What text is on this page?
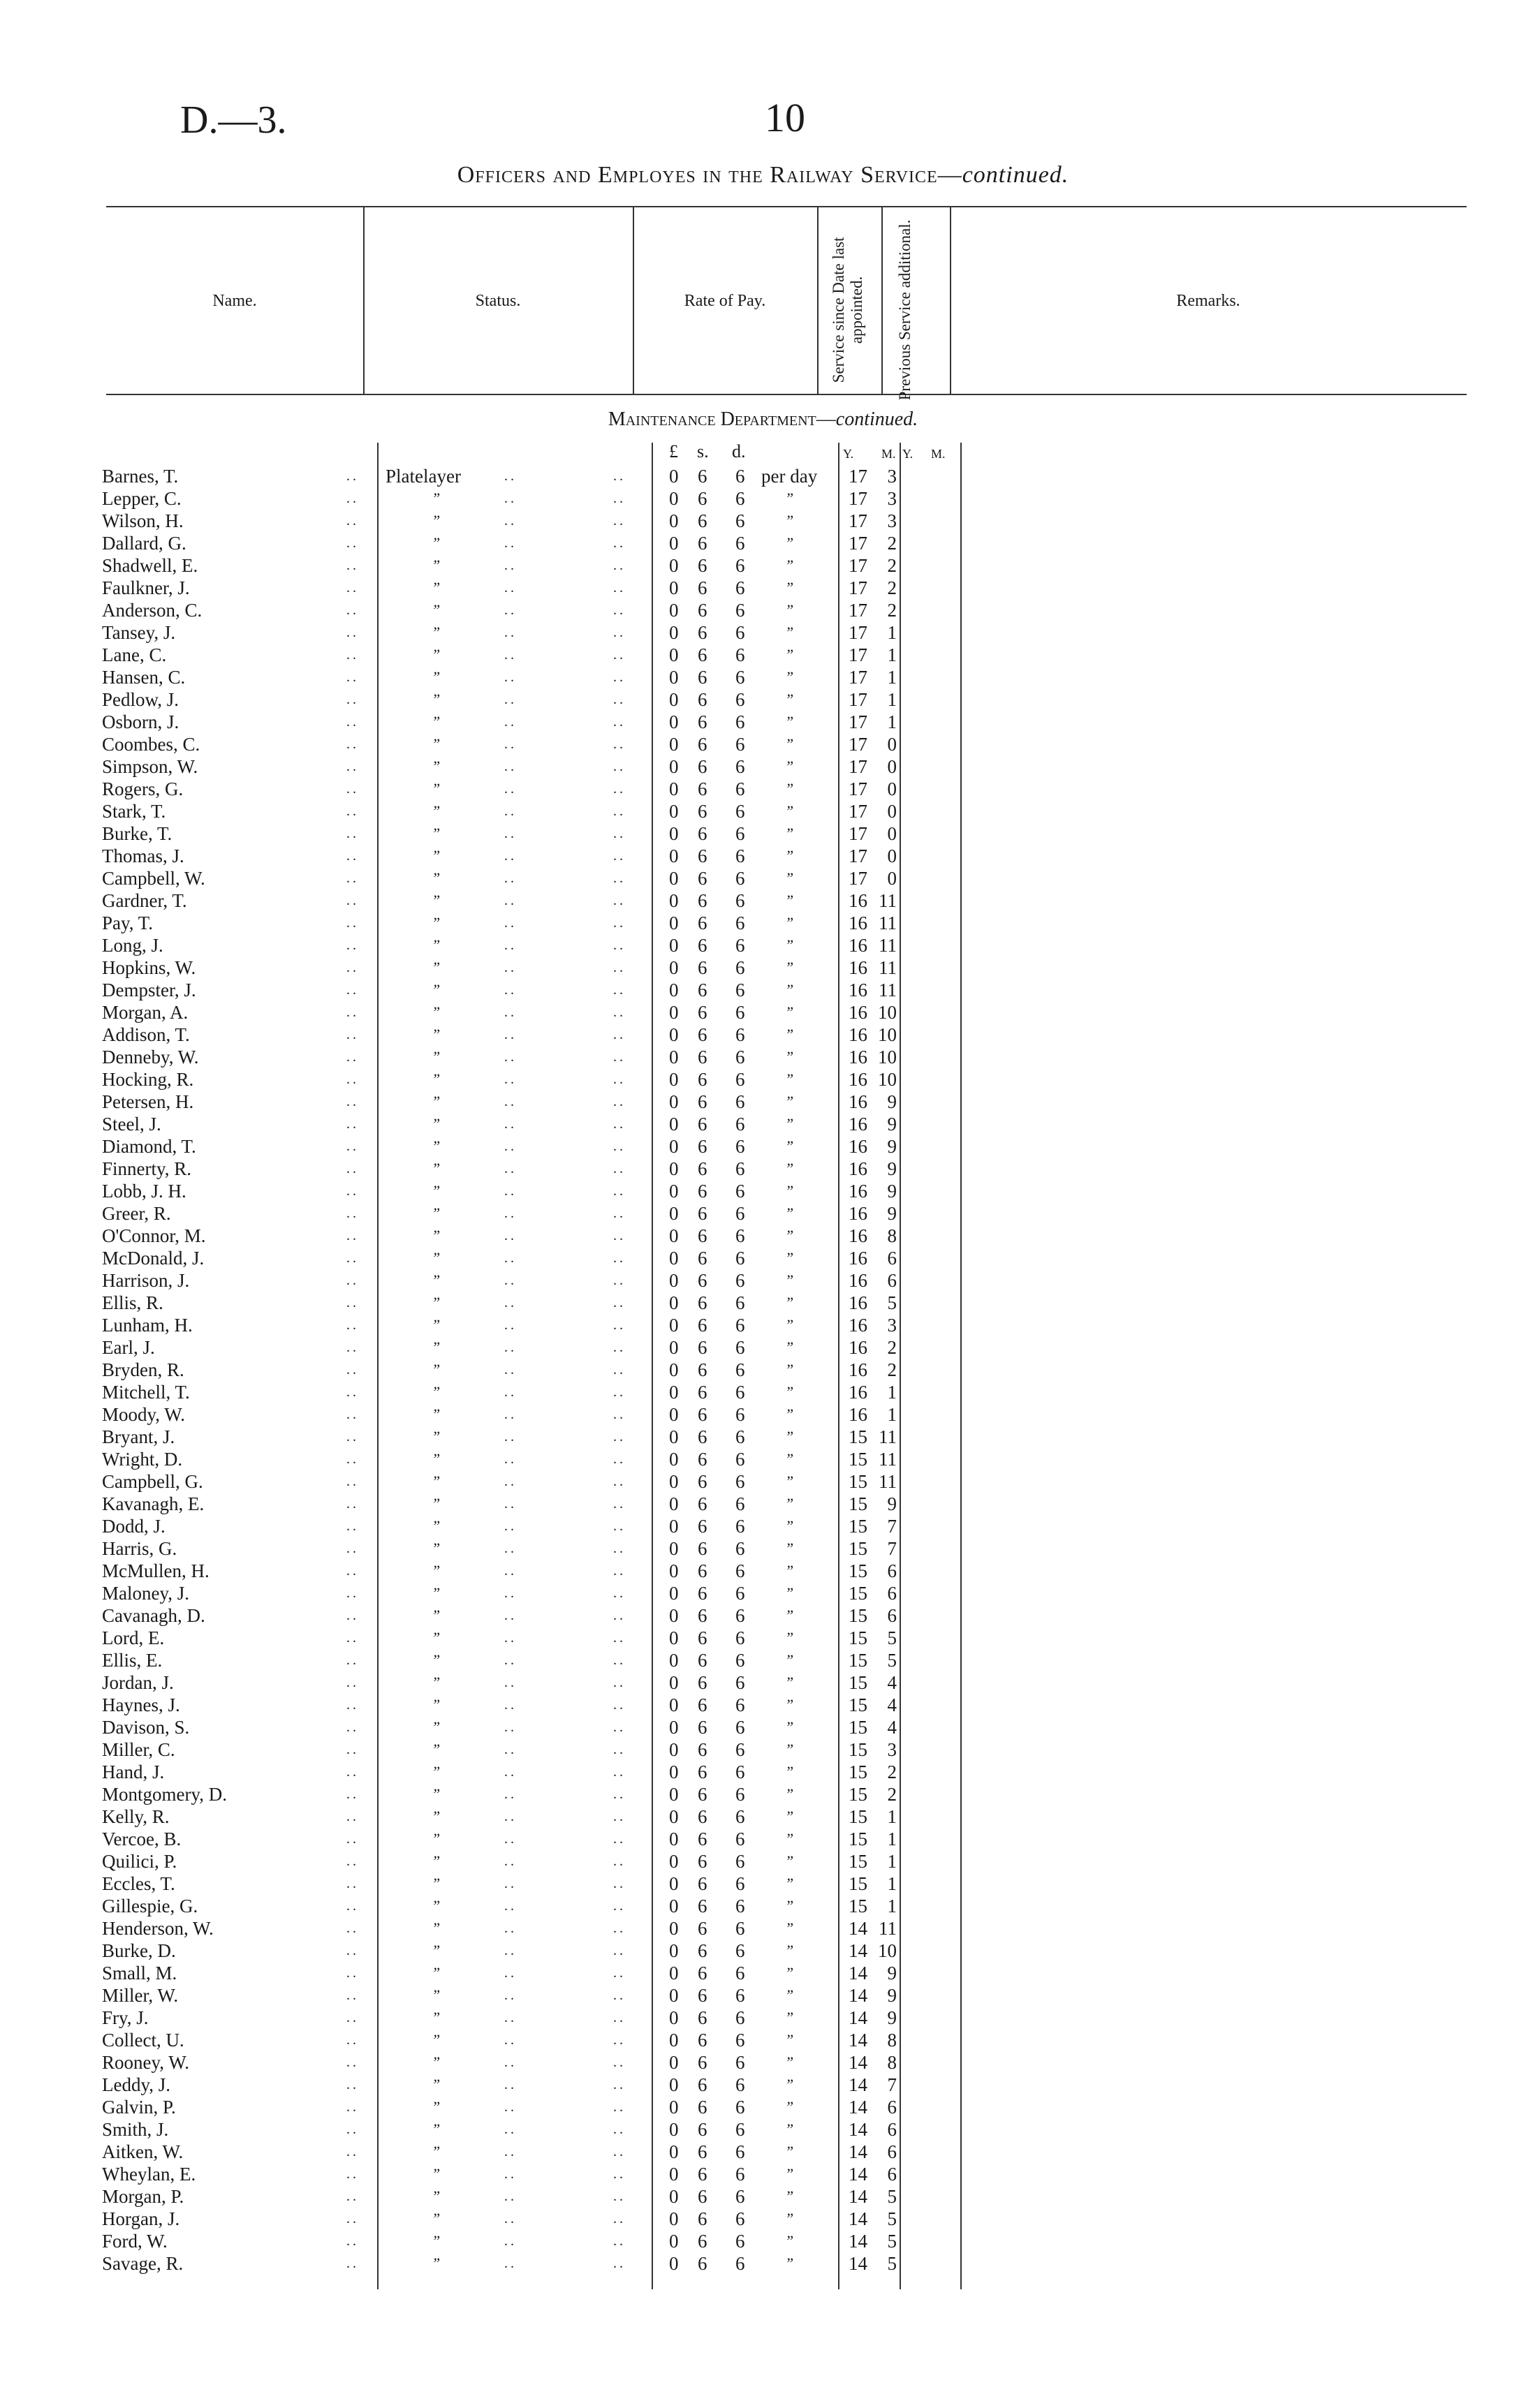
D.—3.	10
Officers and Employes in the Railway Service—continued.
Name.	Status.	Rate of Pay.	Service since Date last appointed. Previous Service additional.	Remarks.
Maintenance Department—continued.
£ s. d.	Y. M. Y. M.
Barnes, T.	.. Platelayer	..	.. 0 6 6 per day	17	3
Lepper, C.	..	”	..	.. 0 6 6	”	17	3
Wilson, H.	..	”	..	.. 0 6 6	”	17	3
Dallard, G.	..	”	..	.. 0 6 6	”	17	2
Shadwell, E.	..	”	..	.. 0 6 6	”	17	2
Faulkner, J.	..	”	..	.. 0 6 6	”	17	2
Anderson, C.	..	”	..	.. 0 6 6	”	17	2
Tansey, J.	..	”	..	.. 0 6 6	”	17	1
Lane, C.	..	”	..	.. 0 6 6	”	17	1
Hansen, C.	..	”	..	.. 0 6 6	”	17	1
Pedlow, J.	..	”	..	.. 0 6 6	”	17	1
Osborn, J.	..	”	..	.. 0 6 6	”	17	1
Coombes, C.	..	”	..	.. 0 6 6	”	17	0
Simpson, W.	..	”	..	.. 0 6 6	”	17	0
Rogers, G.	..	”	..	.. 0 6 6	”	17	0
Stark, T.	..	”	..	.. 0 6 6	”	17	0
Burke, T.	..	”	..	.. 0 6 6	”	17	0
Thomas, J.	..	”	..	.. 0 6 6	”	17	0
Campbell, W.	..	”	..	.. 0 6 6	”	17	0
Gardner, T.	..	”	..	.. 0 6 6	”	16 11
Pay, T.	..	”	..	.. 0 6 6	”	16 11
Long, J.	..	”	..	.. 0 6 6	”	16 11
Hopkins, W.	..	”	..	.. 0 6 6	”	16 11
Dempster, J.	..	”	..	.. 0 6 6	”	16 11
Morgan, A.	..	”	..	.. 0 6 6	”	16 10
Addison, T.	..	”	..	.. 0 6 6	”	16 10
Denneby, W.	..	”	..	.. 0 6 6	”	16 10
Hocking, R.	..	”	..	.. 0 6 6	”	16 10
Petersen, H.	..	”	..	.. 0 6 6	”	16	9
Steel, J.	..	”	..	.. 0 6 6	”	16	9
Diamond, T.	..	”	..	.. 0 6 6	”	16	9
Finnerty, R.	..	”	..	.. 0 6 6	”	16	9
Lobb, J. H.	..	”	..	.. 0 6 6	”	16	9
Greer, R.	..	”	..	.. 0 6 6	”	16	9
O'Connor, M.	..	”	..	.. 0 6 6	”	16	8
McDonald, J.	..	”	..	.. 0 6 6	”	16	6
Harrison, J.	..	”	..	.. 0 6 6	”	16	6
Ellis, R.	..	”	..	.. 0 6 6	”	16	5
Lunham, H.	..	”	..	.. 0 6 6	”	16	3
Earl, J.	..	”	..	.. 0 6 6	”	16	2
Bryden, R.	..	”	..	.. 0 6 6	”	16	2
Mitchell, T.	..	”	..	.. 0 6 6	”	16	1
Moody, W.	..	”	..	.. 0 6 6	”	16	1
Bryant, J.	..	”	..	.. 0 6 6	”	15 11
Wright, D.	..	”	..	.. 0 6 6	”	15 11
Campbell, G.	..	”	..	.. 0 6 6	”	15 11
Kavanagh, E.	..	”	..	.. 0 6 6	”	15	9
Dodd, J.	..	”	..	.. 0 6 6	”	15	7
Harris, G.	..	”	..	.. 0 6 6	”	15	7
McMullen, H.	..	”	..	.. 0 6 6	”	15	6
Maloney, J.	..	”	..	.. 0 6 6	”	15	6
Cavanagh, D.	..	”	..	.. 0 6 6	”	15	6
Lord, E.	..	”	..	.. 0 6 6	”	15	5
Ellis, E.	..	”	..	.. 0 6 6	”	15	5
Jordan, J.	..	”	..	.. 0 6 6	”	15	4
Haynes, J.	..	”	..	.. 0 6 6	”	15	4
Davison, S.	..	”	..	.. 0 6 6	”	15	4
Miller, C.	..	”	..	.. 0 6 6	”	15	3
Hand, J.	..	”	..	.. 0 6 6	”	15	2
Montgomery, D.	..	”	..	.. 0 6 6	”	15	2
Kelly, R.	..	”	..	.. 0 6 6	”	15	1
Vercoe, B.	..	”	..	.. 0 6 6	”	15	1
Quilici, P.	..	”	..	.. 0 6 6	”	15	1
Eccles, T.	..	”	..	.. 0 6 6	”	15	1
Gillespie, G.	..	”	..	.. 0 6 6	”	15	1
Henderson, W.	..	”	..	.. 0 6 6	”	14 11
Burke, D.	..	”	..	.. 0 6 6	”	14 10
Small, M.	..	”	..	.. 0 6 6	”	14	9
Miller, W.	..	”	..	.. 0 6 6	”	14	9
Fry, J.	..	”	..	.. 0 6 6	”	14	9
Collect, U.	..	”	..	.. 0 6 6	”	14	8
Rooney, W.	..	”	..	.. 0 6 6	”	14	8
Leddy, J.	..	”	..	.. 0 6 6	”	14	7
Galvin, P.	..	”	..	.. 0 6 6	”	14	6
Smith, J.	..	”	..	.. 0 6 6	”	14	6
Aitken, W.	..	”	..	.. 0 6 6	”	14	6
Wheylan, E.	..	”	..	.. 0 6 6	”	14	6
Morgan, P.	..	”	..	.. 0 6 6	”	14	5
Horgan, J.	..	”	..	.. 0 6 6	”	14	5
Ford, W.	..	”	..	.. 0 6 6	”	14	5
Savage, R.	..	”	..	.. 0 6 6	”	14	5
